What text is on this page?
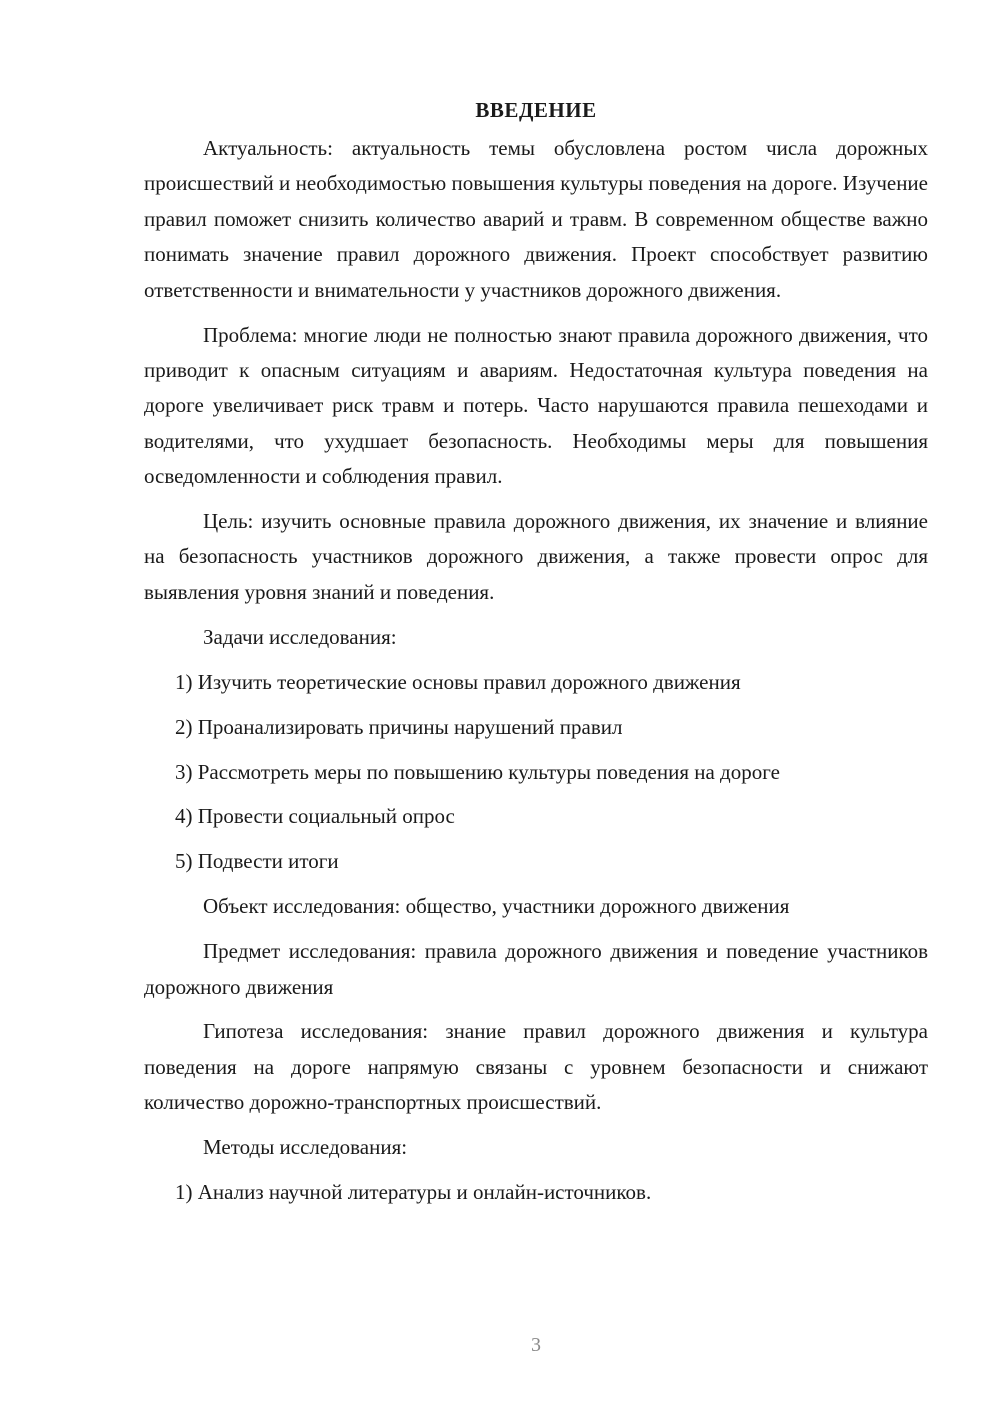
ВВЕДЕНИЕ

Актуальность: актуальность темы обусловлена ростом числа дорожных происшествий и необходимостью повышения культуры поведения на дороге. Изучение правил поможет снизить количество аварий и травм. В современном обществе важно понимать значение правил дорожного движения. Проект способствует развитию ответственности и внимательности у участников дорожного движения.

Проблема: многие люди не полностью знают правила дорожного движения, что приводит к опасным ситуациям и авариям. Недостаточная культура поведения на дороге увеличивает риск травм и потерь. Часто нарушаются правила пешеходами и водителями, что ухудшает безопасность. Необходимы меры для повышения осведомленности и соблюдения правил.

Цель: изучить основные правила дорожного движения, их значение и влияние на безопасность участников дорожного движения, а также провести опрос для выявления уровня знаний и поведения.

Задачи исследования:

1) Изучить теоретические основы правил дорожного движения
2) Проанализировать причины нарушений правил
3) Рассмотреть меры по повышению культуры поведения на дороге
4) Провести социальный опрос
5) Подвести итоги

Объект исследования: общество, участники дорожного движения

Предмет исследования: правила дорожного движения и поведение участников дорожного движения

Гипотеза исследования: знание правил дорожного движения и культура поведения на дороге напрямую связаны с уровнем безопасности и снижают количество дорожно-транспортных происшествий.

Методы исследования:

1) Анализ научной литературы и онлайн-источников.
3
